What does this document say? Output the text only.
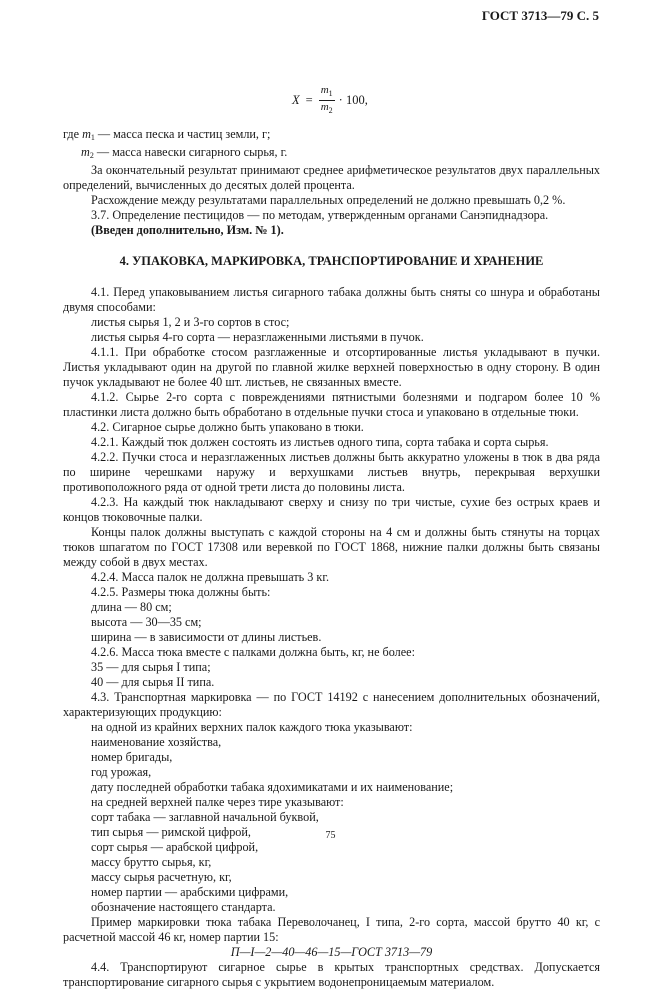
ГОСТ 3713—79 С. 5
$X = \frac{m_1}{m_2} \cdot 100$,

где $m_1$ — масса песка и частиц земли, г;

$m_2$ — масса навески сигарного сырья, г.

За окончательный результат принимают среднее арифметическое результатов двух параллельных определений, вычисленных до десятых долей процента.

Расхождение между результатами параллельных определений не должно превышать 0,2 %.

3.7. Определение пестицидов — по методам, утвержденным органами Санэпиднадзора.

(Введен дополнительно, Изм. № 1).

4. УПАКОВКА, МАРКИРОВКА, ТРАНСПОРТИРОВАНИЕ И ХРАНЕНИЕ

4.1. Перед упаковыванием листья сигарного табака должны быть сняты со шнура и обработаны двумя способами:

листья сырья 1, 2 и 3-го сортов в стос;

листья сырья 4-го сорта — неразглаженными листьями в пучок.

4.1.1. При обработке стосом разглаженные и отсортированные листья укладывают в пучки. Листья укладывают один на другой по главной жилке верхней поверхностью в одну сторону. В один пучок укладывают не более 40 шт. листьев, не связанных вместе.

4.1.2. Сырье 2-го сорта с повреждениями пятнистыми болезнями и подгаром более 10 % пластинки листа должно быть обработано в отдельные пучки стоса и упаковано в отдельные тюки.

4.2. Сигарное сырье должно быть упаковано в тюки.

4.2.1. Каждый тюк должен состоять из листьев одного типа, сорта табака и сорта сырья.

4.2.2. Пучки стоса и неразглаженных листьев должны быть аккуратно уложены в тюк в два ряда по ширине черешками наружу и верхушками листьев внутрь, перекрывая верхушки противоположного ряда от одной трети листа до половины листа.

4.2.3. На каждый тюк накладывают сверху и снизу по три чистые, сухие без острых краев и концов тюковочные палки.

Концы палок должны выступать с каждой стороны на 4 см и должны быть стянуты на торцах тюков шпагатом по ГОСТ 17308 или веревкой по ГОСТ 1868, нижние палки должны быть связаны между собой в двух местах.

4.2.4. Масса палок не должна превышать 3 кг.

4.2.5. Размеры тюка должны быть:

длина — 80 см;

высота — 30—35 см;

ширина — в зависимости от длины листьев.

4.2.6. Масса тюка вместе с палками должна быть, кг, не более:

35 — для сырья I типа;

40 — для сырья II типа.

4.3. Транспортная маркировка — по ГОСТ 14192 с нанесением дополнительных обозначений, характеризующих продукцию:

на одной из крайних верхних палок каждого тюка указывают:

наименование хозяйства,

номер бригады,

год урожая,

дату последней обработки табака ядохимикатами и их наименование;

на средней верхней палке через тире указывают:

сорт табака — заглавной начальной буквой,

тип сырья — римской цифрой,

сорт сырья — арабской цифрой,

массу брутто сырья, кг,

массу сырья расчетную, кг,

номер партии — арабскими цифрами,

обозначение настоящего стандарта.

Пример маркировки тюка табака Переволочанец, I типа, 2-го сорта, массой брутто 40 кг, с расчетной массой 46 кг, номер партии 15:

П—I—2—40—46—15—ГОСТ 3713—79

4.4. Транспортируют сигарное сырье в крытых транспортных средствах. Допускается транспортирование сигарного сырья с укрытием водонепроницаемым материалом.

75
